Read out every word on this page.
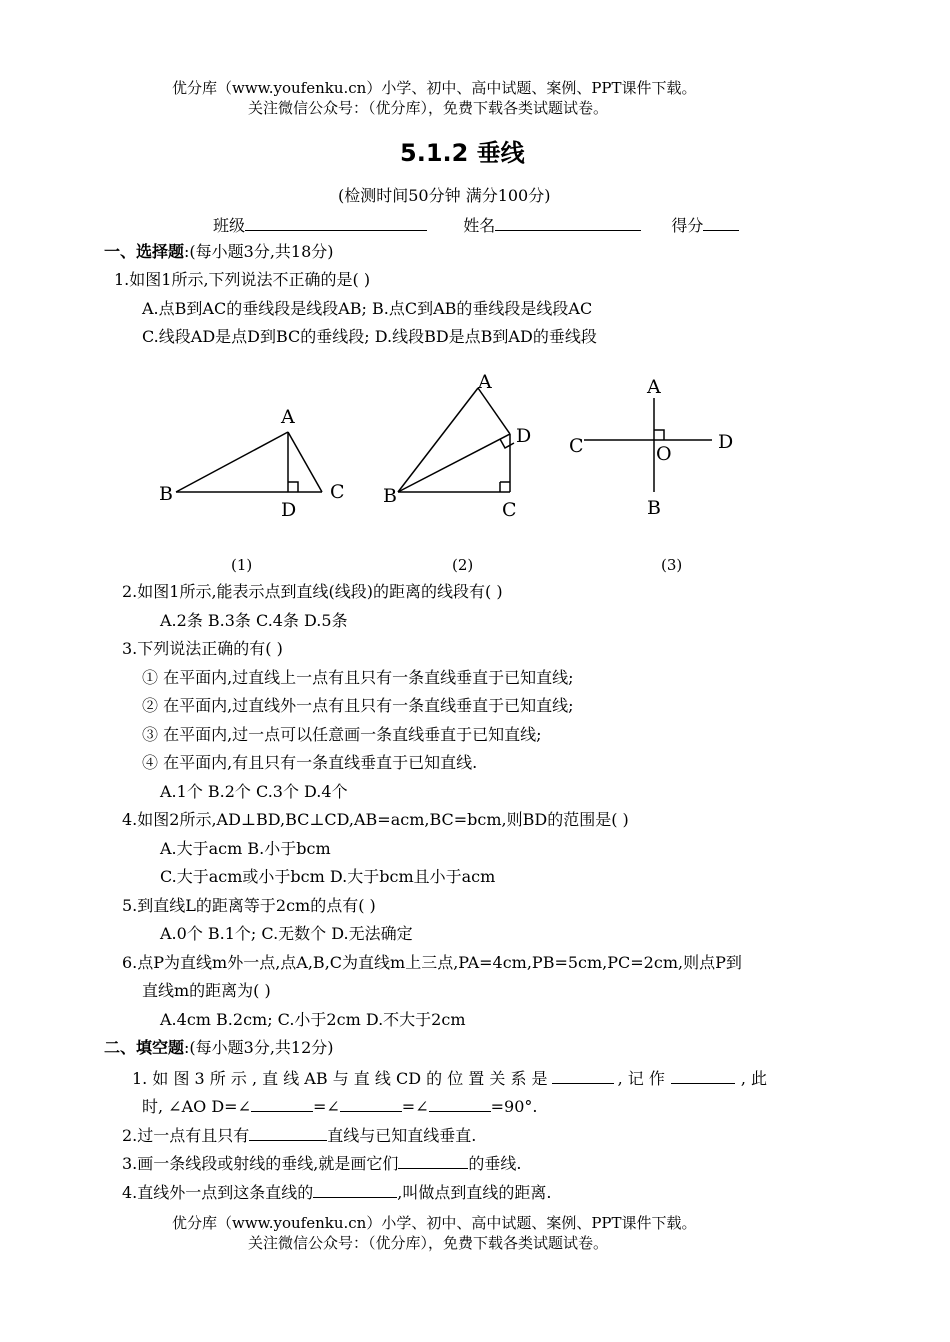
优分库（www.youfenku.cn）小学、初中、高中试题、案例、PPT课件下载。
关注微信公众号：（优分库），免费下载各类试题试卷。
5.1.2 垂线
(检测时间50分钟 满分100分)
班级	姓名	得分
一、选择题:(每小题3分,共18分)
1.如图1所示,下列说法不正确的是( )
A.点B到AC的垂线段是线段AB; B.点C到AB的垂线段是线段AC
C.线段AD是点D到BC的垂线段; D.线段BD是点B到AD的垂线段
A
B	C
D
(1)
A
B
C
D
(2)
A
B
C	D
O
(3)
2.如图1所示,能表示点到直线(线段)的距离的线段有( )
A.2条 B.3条 C.4条 D.5条
3.下列说法正确的有( )
① 在平面内,过直线上一点有且只有一条直线垂直于已知直线;
② 在平面内,过直线外一点有且只有一条直线垂直于已知直线;
③ 在平面内,过一点可以任意画一条直线垂直于已知直线;
④ 在平面内,有且只有一条直线垂直于已知直线.
A.1个 B.2个 C.3个 D.4个
4.如图2所示,AD⊥BD,BC⊥CD,AB=acm,BC=bcm,则BD的范围是( )
A.大于acm B.小于bcm
C.大于acm或小于bcm D.大于bcm且小于acm
5.到直线L的距离等于2cm的点有( )
A.0个 B.1个; C.无数个 D.无法确定
6.点P为直线m外一点,点A,B,C为直线m上三点,PA=4cm,PB=5cm,PC=2cm,则点P到
直线m的距离为( )
A.4cm B.2cm; C.小于2cm D.不大于2cm
二、填空题:(每小题3分,共12分)
1. 如 图 3 所 示 , 直 线 AB 与 直 线 CD 的 位 置 关 系 是	, 记 作	, 此
时, ∠AO D=∠	=∠	=∠	=90°.
2.过一点有且只有	直线与已知直线垂直.
3.画一条线段或射线的垂线,就是画它们	的垂线.
4.直线外一点到这条直线的	,叫做点到直线的距离.
优分库（www.youfenku.cn）小学、初中、高中试题、案例、PPT课件下载。
关注微信公众号：（优分库），免费下载各类试题试卷。
